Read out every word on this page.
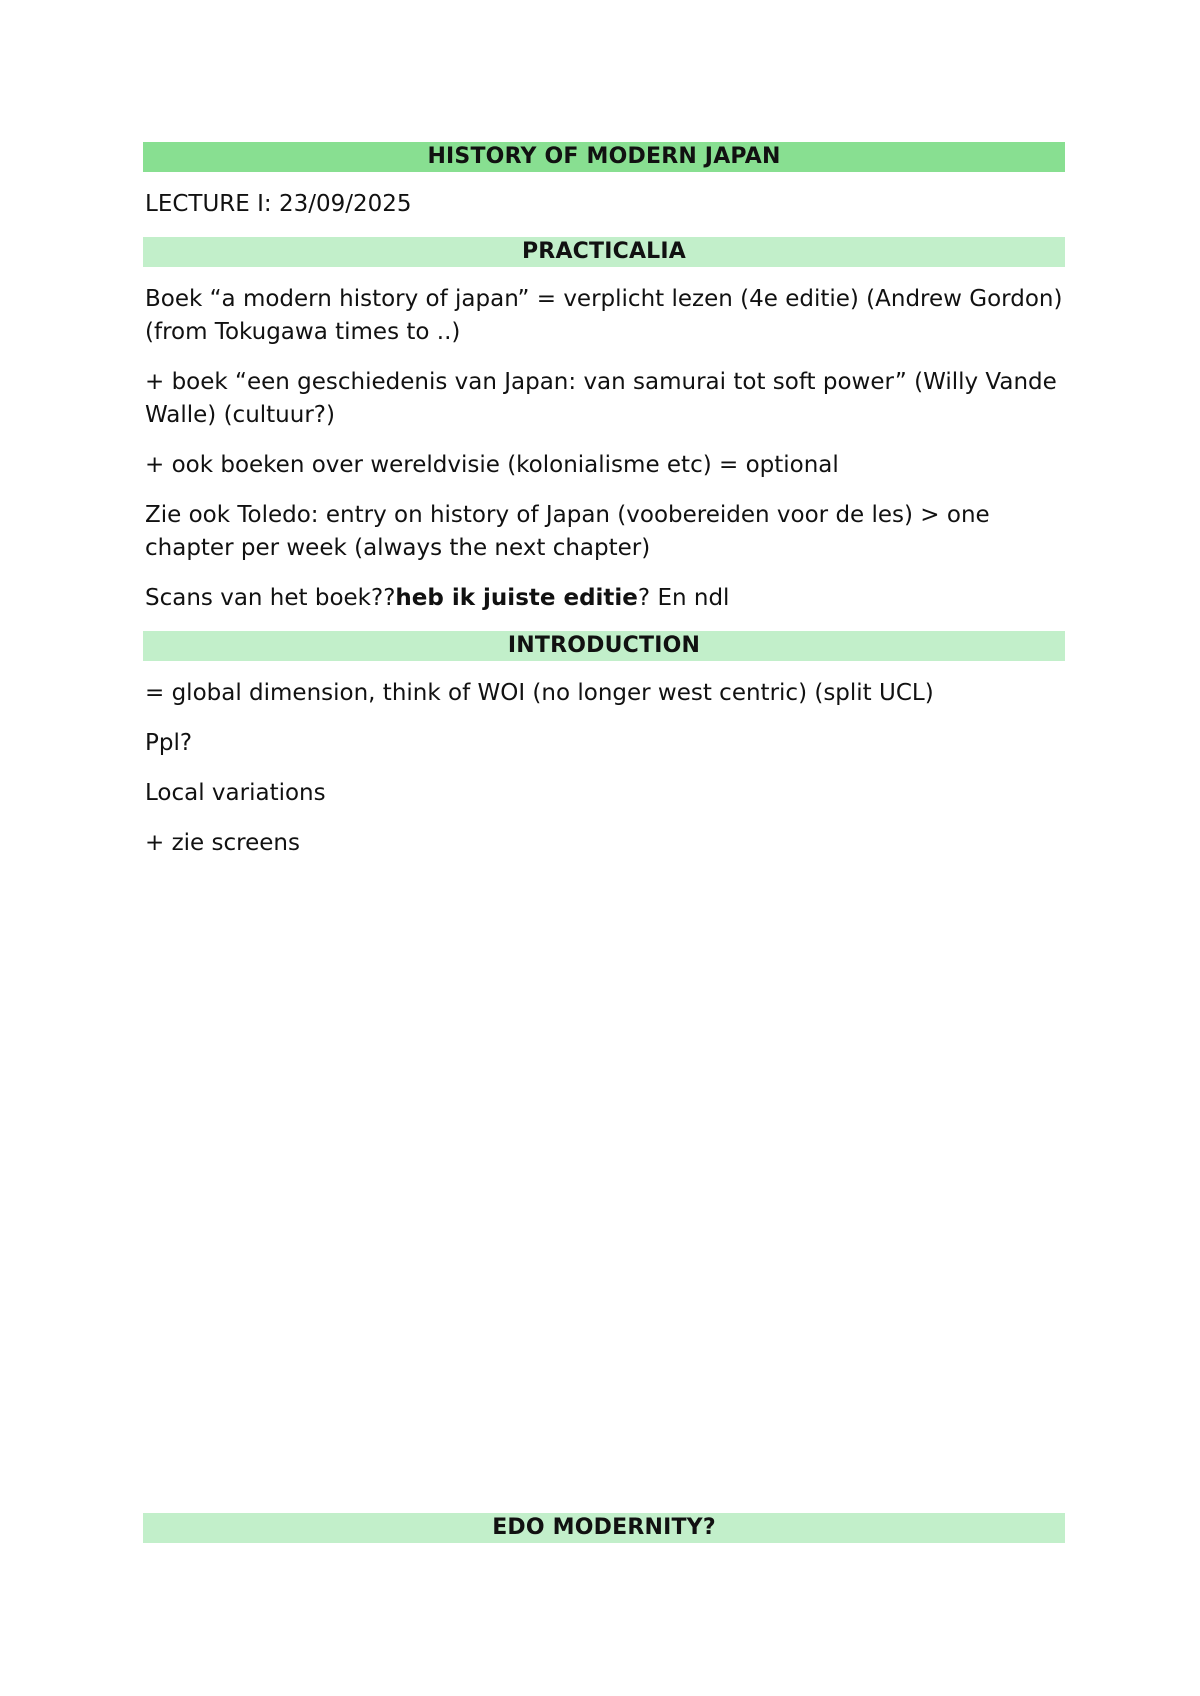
HISTORY OF MODERN JAPAN

LECTURE I: 23/09/2025

PRACTICALIA

Boek “a modern history of japan” = verplicht lezen (4e editie) (Andrew Gordon) (from Tokugawa times to ..)

+ boek “een geschiedenis van Japan: van samurai tot soft power” (Willy Vande Walle) (cultuur?)

+ ook boeken over wereldvisie (kolonialisme etc) = optional

Zie ook Toledo: entry on history of Japan (voobereiden voor de les) > one chapter per week (always the next chapter)

Scans van het boek??heb ik juiste editie? En ndl

INTRODUCTION

= global dimension, think of WOI (no longer west centric) (split UCL)

Ppl?

Local variations

+ zie screens

EDO MODERNITY?
